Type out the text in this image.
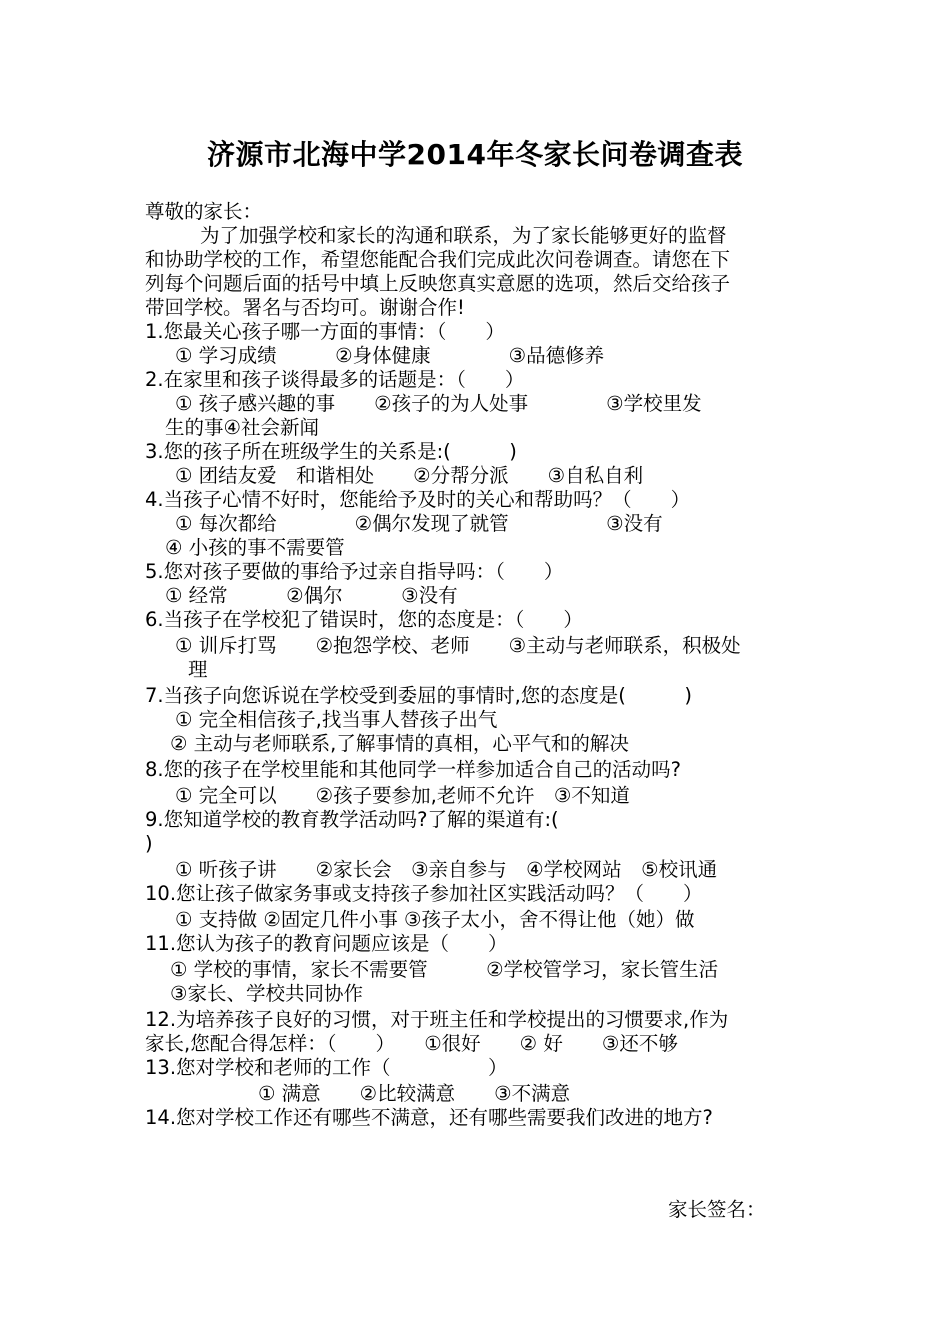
济源市北海中学2014年冬家长问卷调查表
尊敬的家长：
为了加强学校和家长的沟通和联系，为了家长能够更好的监督
和协助学校的工作，希望您能配合我们完成此次问卷调查。请您在下
列每个问题后面的括号中填上反映您真实意愿的选项，然后交给孩子
带回学校。署名与否均可。谢谢合作!
1.您最关心孩子哪一方面的事情：（　　）
① 学习成绩　　　②身体健康　　　　③品德修养
2.在家里和孩子谈得最多的话题是：（　　）
① 孩子感兴趣的事　　②孩子的为人处事　　　　③学校里发
生的事④社会新闻
3.您的孩子所在班级学生的关系是:(　　　)
① 团结友爱　和谐相处　　②分帮分派　　③自私自利
4.当孩子心情不好时，您能给予及时的关心和帮助吗？（　　）
① 每次都给　　　　②偶尔发现了就管　　　　　③没有
④ 小孩的事不需要管
5.您对孩子要做的事给予过亲自指导吗：（　　）
① 经常　　　②偶尔　　　③没有
6.当孩子在学校犯了错误时，您的态度是：（　　）
① 训斥打骂　　②抱怨学校、老师　　③主动与老师联系，积极处
理
7.当孩子向您诉说在学校受到委屈的事情时,您的态度是(　　　)
① 完全相信孩子,找当事人替孩子出气
② 主动与老师联系,了解事情的真相，心平气和的解决
8.您的孩子在学校里能和其他同学一样参加适合自己的活动吗?
① 完全可以　　②孩子要参加,老师不允许　③不知道
9.您知道学校的教育教学活动吗?了解的渠道有:(
)
① 听孩子讲　　②家长会　③亲自参与　④学校网站　⑤校讯通
10.您让孩子做家务事或支持孩子参加社区实践活动吗？（　　）
① 支持做 ②固定几件小事 ③孩子太小，舍不得让他（她）做
11.您认为孩子的教育问题应该是（　　）
① 学校的事情，家长不需要管　　　②学校管学习，家长管生活
③家长、学校共同协作
12.为培养孩子良好的习惯，对于班主任和学校提出的习惯要求,作为
家长,您配合得怎样：（　　）　　①很好　　② 好　　③还不够
13.您对学校和老师的工作（　　　　　）
① 满意　　②比较满意　　③不满意
14.您对学校工作还有哪些不满意，还有哪些需要我们改进的地方?
家长签名：
